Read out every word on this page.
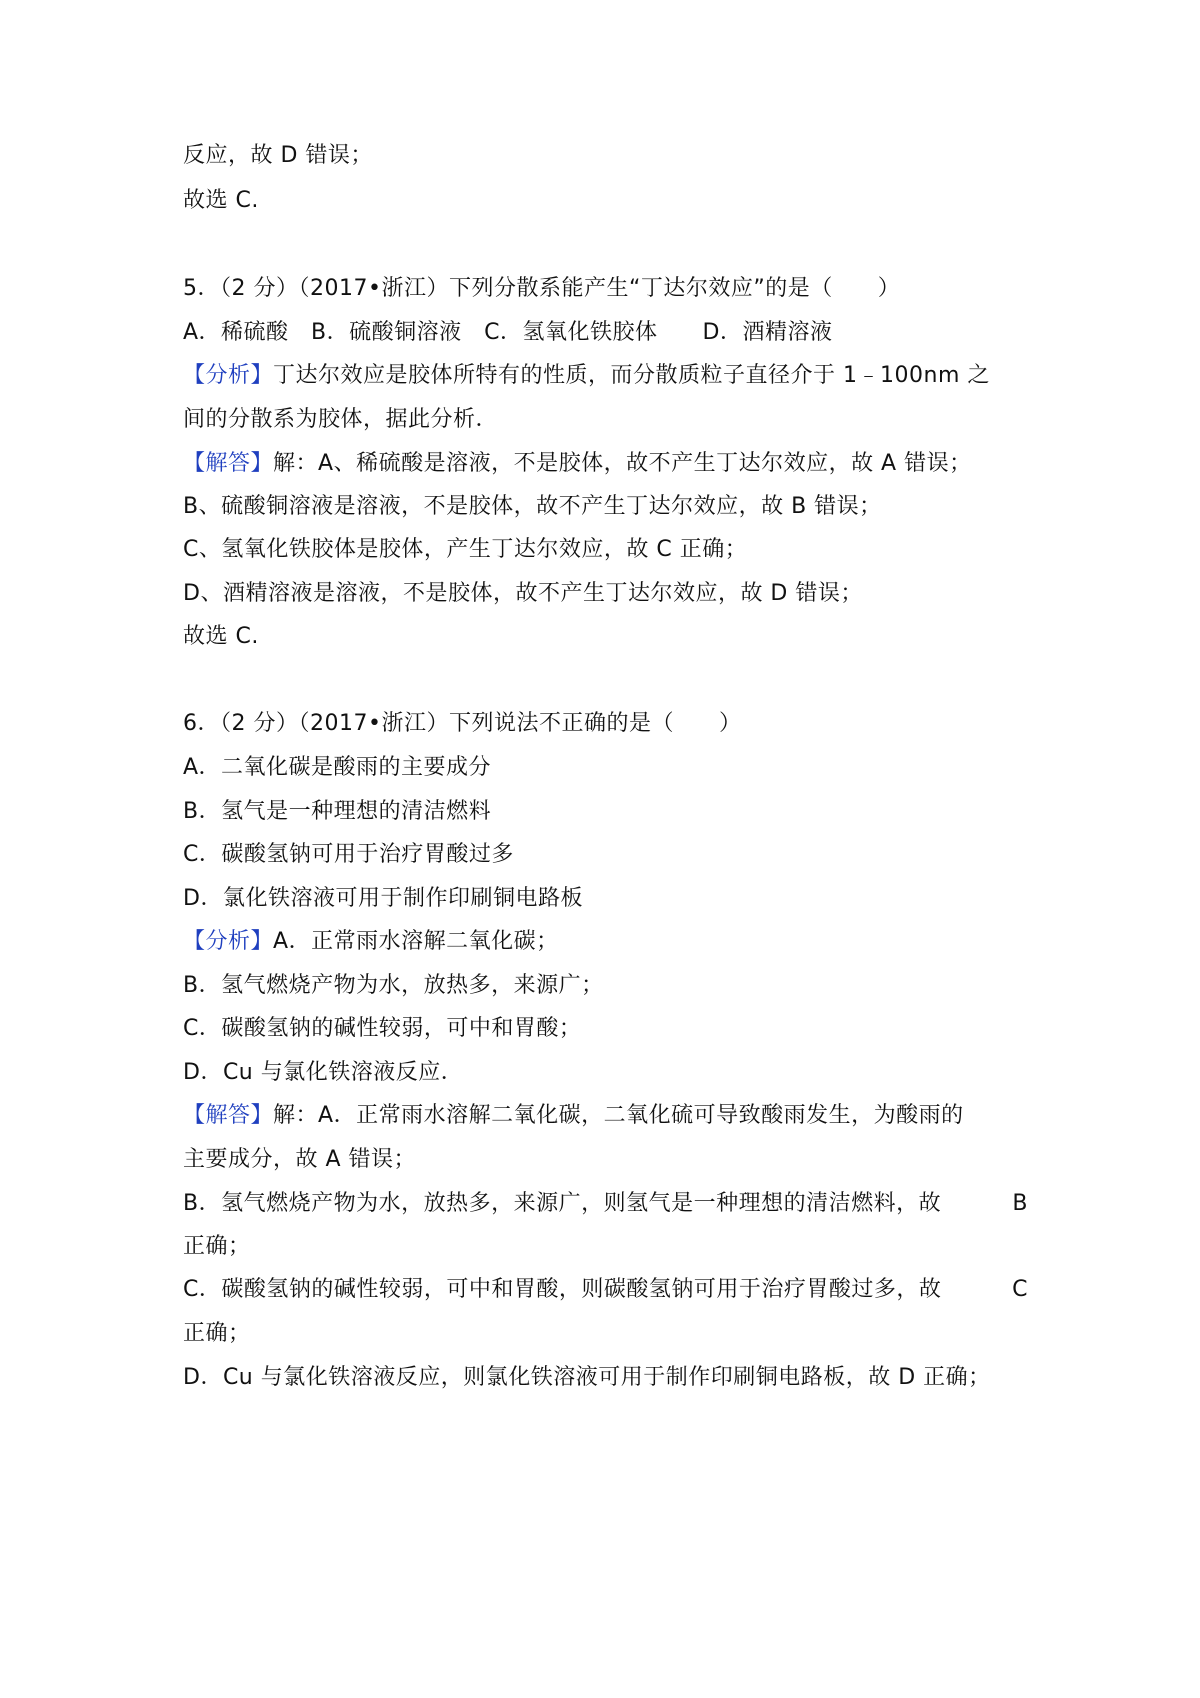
反应，故 D 错误；
故选 C.
5．（2 分）（2017•浙江）下列分散系能产生“丁达尔效应”的是（　　）
A．稀硫酸　B．硫酸铜溶液　C．氢氧化铁胶体　　D．酒精溶液
【分析】丁达尔效应是胶体所特有的性质，而分散质粒子直径介于 1﹣100nm 之
间的分散系为胶体，据此分析．
【解答】解：A、稀硫酸是溶液，不是胶体，故不产生丁达尔效应，故 A 错误；
B、硫酸铜溶液是溶液，不是胶体，故不产生丁达尔效应，故 B 错误；
C、氢氧化铁胶体是胶体，产生丁达尔效应，故 C 正确；
D、酒精溶液是溶液，不是胶体，故不产生丁达尔效应，故 D 错误；
故选 C.
6．（2 分）（2017•浙江）下列说法不正确的是（　　）
A．二氧化碳是酸雨的主要成分
B．氢气是一种理想的清洁燃料
C．碳酸氢钠可用于治疗胃酸过多
D．氯化铁溶液可用于制作印刷铜电路板
【分析】A．正常雨水溶解二氧化碳；
B．氢气燃烧产物为水，放热多，来源广；
C．碳酸氢钠的碱性较弱，可中和胃酸；
D．Cu 与氯化铁溶液反应．
【解答】解：A．正常雨水溶解二氧化碳，二氧化硫可导致酸雨发生，为酸雨的
主要成分，故 A 错误；
B．氢气燃烧产物为水，放热多，来源广，则氢气是一种理想的清洁燃料，故	B
正确；
C．碳酸氢钠的碱性较弱，可中和胃酸，则碳酸氢钠可用于治疗胃酸过多，故	C
正确；
D．Cu 与氯化铁溶液反应，则氯化铁溶液可用于制作印刷铜电路板，故 D 正确；
